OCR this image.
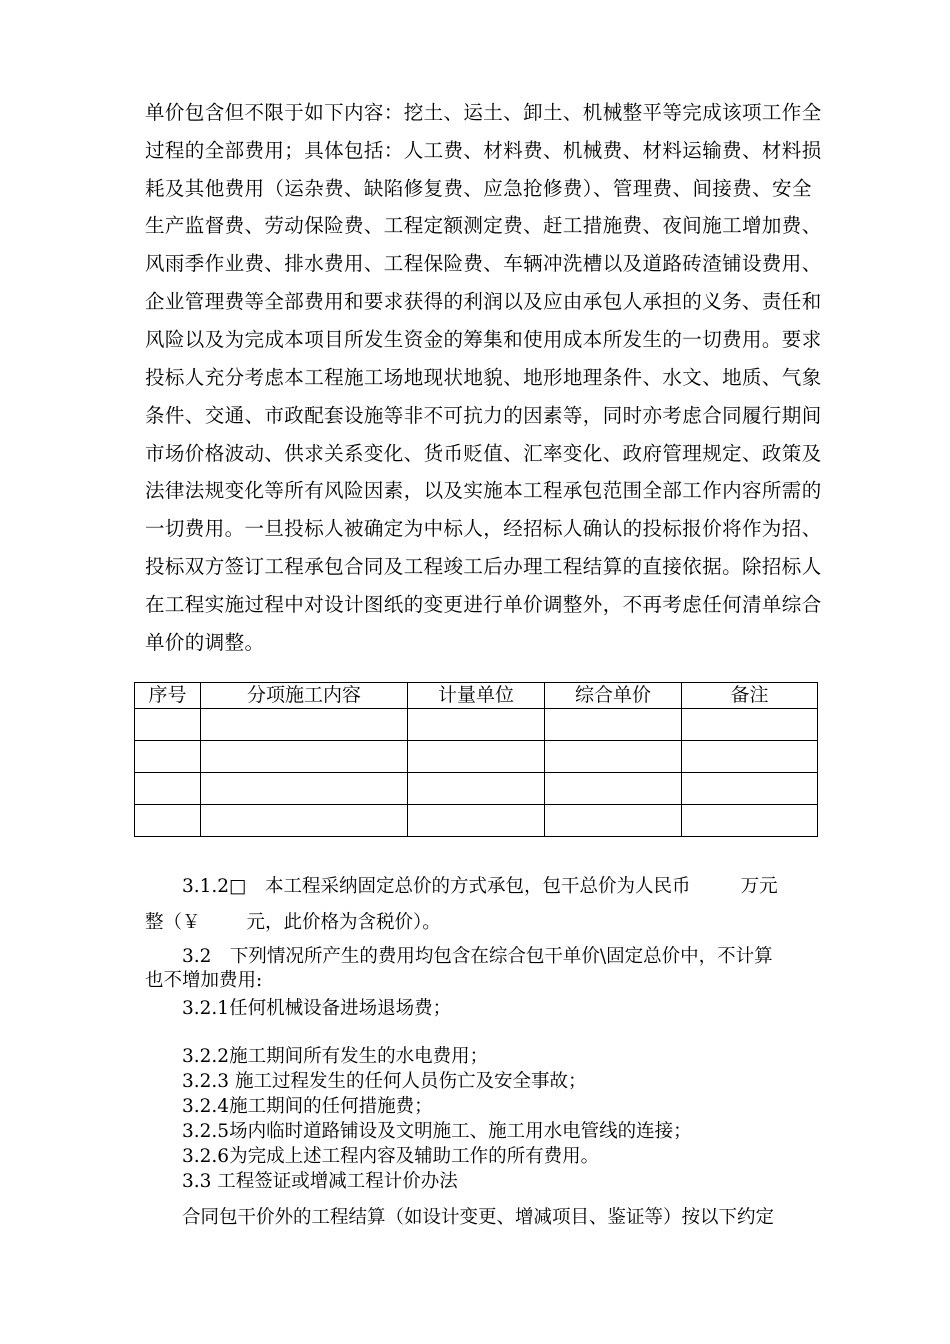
单价包含但不限于如下内容：挖土、运土、卸土、机械整平等完成该项工作全
过程的全部费用；具体包括：人工费、材料费、机械费、材料运输费、材料损
耗及其他费用（运杂费、缺陷修复费、应急抢修费）、管理费、间接费、安全
生产监督费、劳动保险费、工程定额测定费、赶工措施费、夜间施工增加费、
风雨季作业费、排水费用、工程保险费、车辆冲洗槽以及道路砖渣铺设费用、
企业管理费等全部费用和要求获得的利润以及应由承包人承担的义务、责任和
风险以及为完成本项目所发生资金的筹集和使用成本所发生的一切费用。要求
投标人充分考虑本工程施工场地现状地貌、地形地理条件、水文、地质、气象
条件、交通、市政配套设施等非不可抗力的因素等，同时亦考虑合同履行期间
市场价格波动、供求关系变化、货币贬值、汇率变化、政府管理规定、政策及
法律法规变化等所有风险因素，以及实施本工程承包范围全部工作内容所需的
一切费用。一旦投标人被确定为中标人，经招标人确认的投标报价将作为招、
投标双方签订工程承包合同及工程竣工后办理工程结算的直接依据。除招标人
在工程实施过程中对设计图纸的变更进行单价调整外，不再考虑任何清单综合
单价的调整。
序号	分项施工内容	计量单位	综合单价	备注

3.1.2□　本工程采纳固定总价的方式承包，包干总价为人民币	万元
整（￥ 元，此价格为含税价）。
3.2　下列情况所产生的费用均包含在综合包干单价\固定总价中，不计算
也不增加费用:
3.2.1任何机械设备进场退场费；
3.2.2施工期间所有发生的水电费用；
3.2.3 施工过程发生的任何人员伤亡及安全事故；
3.2.4施工期间的任何措施费；
3.2.5场内临时道路铺设及文明施工、施工用水电管线的连接；
3.2.6为完成上述工程内容及辅助工作的所有费用。
3.3 工程签证或增减工程计价办法
合同包干价外的工程结算（如设计变更、增减项目、鉴证等）按以下约定
